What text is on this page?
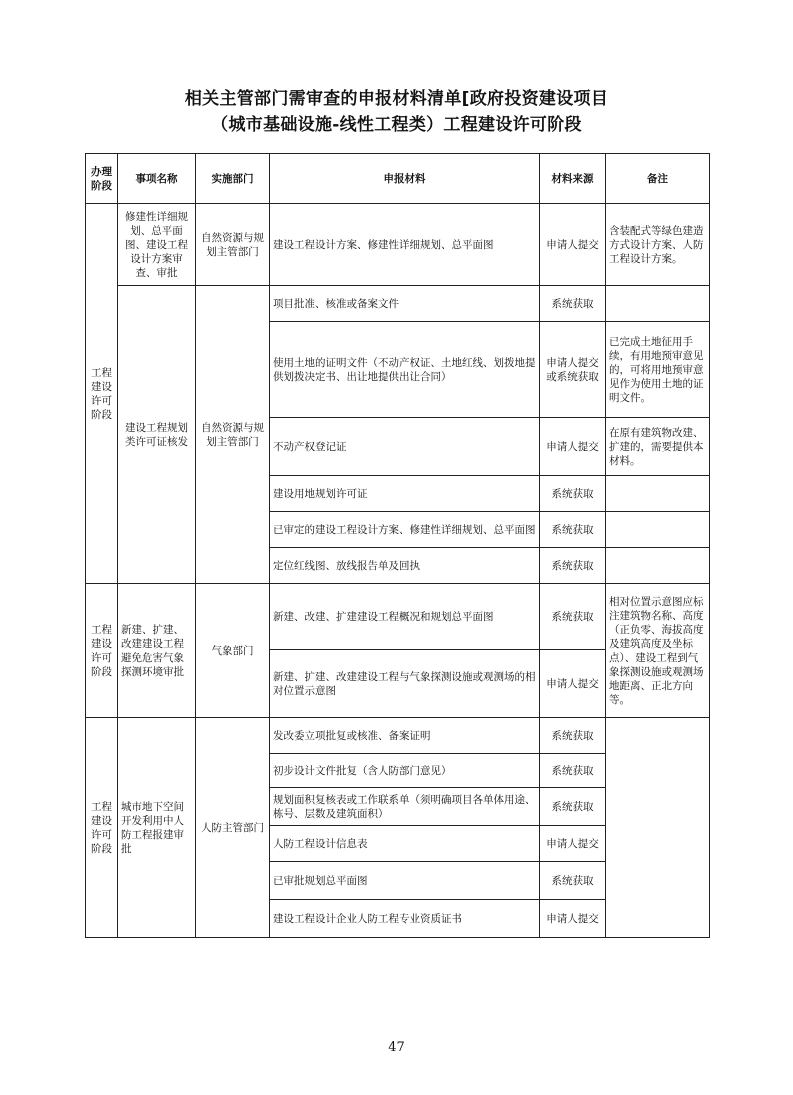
相关主管部门需审查的申报材料清单[政府投资建设项目
（城市基础设施-线性工程类）工程建设许可阶段
办理阶段	事项名称	实施部门	申报材料	材料来源	备注
工程建设许可阶段	修建性详细规划、总平面图、建设工程设计方案审查、审批	自然资源与规划主管部门	建设工程设计方案、修建性详细规划、总平面图	申请人提交	含装配式等绿色建造方式设计方案、人防工程设计方案。
	建设工程规划类许可证核发	自然资源与规划主管部门	项目批准、核准或备案文件	系统获取	
			使用土地的证明文件（不动产权证、土地红线、划拨地提供划拨决定书、出让地提供出让合同）	申请人提交或系统获取	已完成土地征用手续，有用地预审意见的，可将用地预审意见作为使用土地的证明文件。
			不动产权登记证	申请人提交	在原有建筑物改建、扩建的，需要提供本材料。
			建设用地规划许可证	系统获取	
			已审定的建设工程设计方案、修建性详细规划、总平面图	系统获取	
			定位红线图、放线报告单及回执	系统获取	
工程建设许可阶段	新建、扩建、改建建设工程避免危害气象探测环境审批	气象部门	新建、改建、扩建建设工程概况和规划总平面图	系统获取	相对位置示意图应标注建筑物名称、高度（正负零、海拔高度及建筑高度及坐标点）、建设工程到气象探测设施或观测场地距离、正北方向等。
			新建、扩建、改建建设工程与气象探测设施或观测场的相对位置示意图	申请人提交	
工程建设许可阶段	城市地下空间开发利用中人防工程报建审批	人防主管部门	发改委立项批复或核准、备案证明	系统获取	
			初步设计文件批复（含人防部门意见）	系统获取	
			规划面积复核表或工作联系单（须明确项目各单体用途、栋号、层数及建筑面积）	系统获取	
			人防工程设计信息表	申请人提交	
			已审批规划总平面图	系统获取	
			建设工程设计企业人防工程专业资质证书	申请人提交	
47
